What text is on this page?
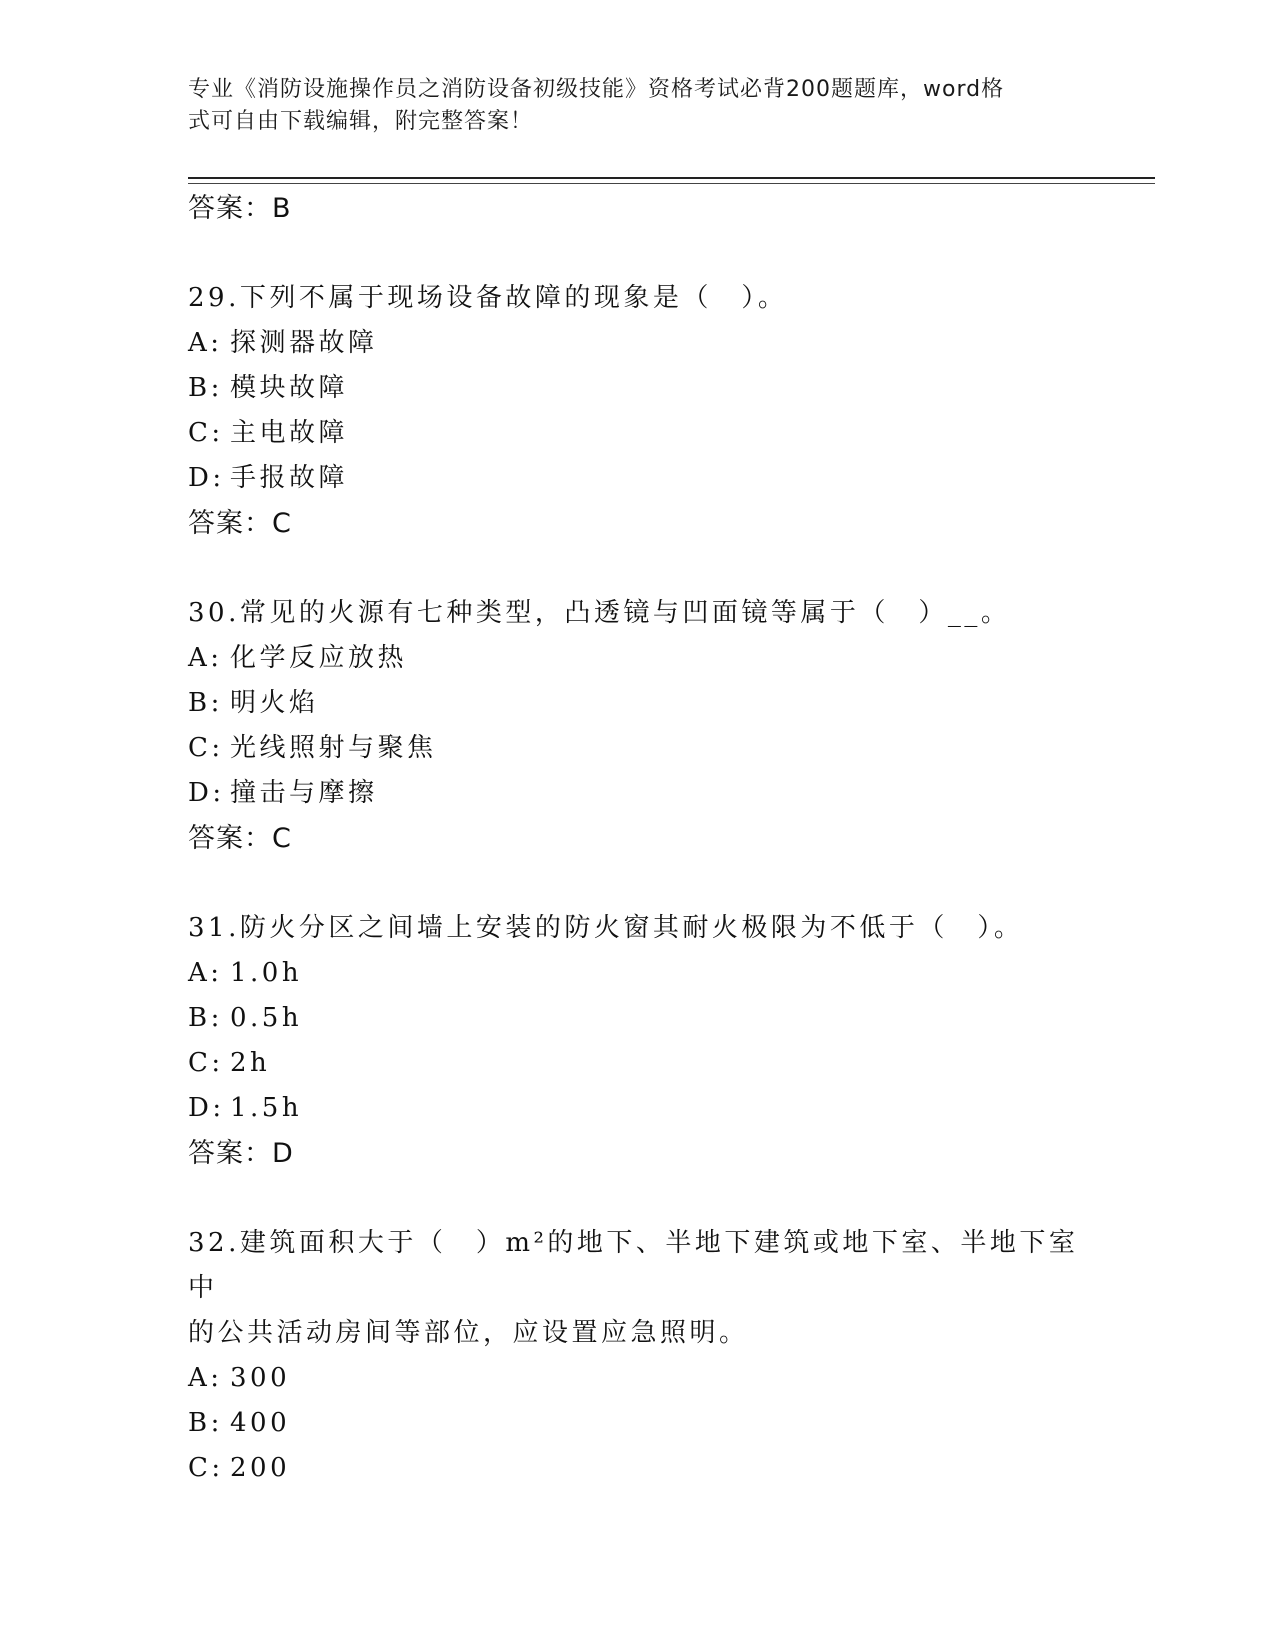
专业《消防设施操作员之消防设备初级技能》资格考试必背200题题库，word格
式可自由下载编辑，附完整答案！
答案：B
29.下列不属于现场设备故障的现象是（　）。
A: 探测器故障
B: 模块故障
C: 主电故障
D: 手报故障
答案：C
30.常见的火源有七种类型，凸透镜与凹面镜等属于（　）__。
A: 化学反应放热
B: 明火焰
C: 光线照射与聚焦
D: 撞击与摩擦
答案：C
31.防火分区之间墙上安装的防火窗其耐火极限为不低于（　）。
A: 1.0h
B: 0.5h
C: 2h
D: 1.5h
答案：D
32.建筑面积大于（　）m²的地下、半地下建筑或地下室、半地下室中
的公共活动房间等部位，应设置应急照明。
A: 300
B: 400
C: 200
